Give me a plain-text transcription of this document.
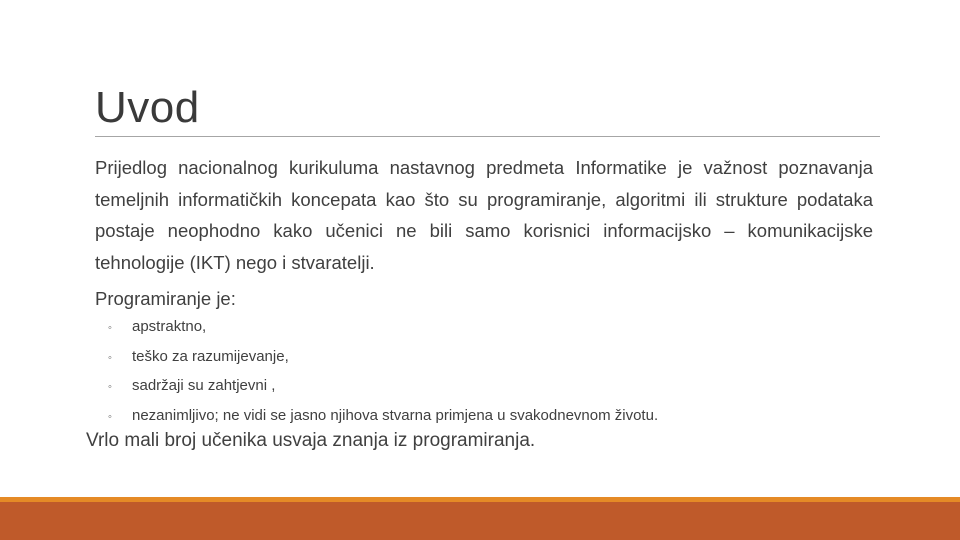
Uvod

Prijedlog nacionalnog kurikuluma nastavnog predmeta Informatike je važnost poznavanja temeljnih informatičkih koncepata kao što su programiranje, algoritmi ili strukture podataka postaje neophodno kako učenici ne bili samo korisnici informacijsko – komunikacijske tehnologije (IKT) nego i stvaratelji.

Programiranje je:

◦	apstraktno,
◦	teško za razumijevanje,
◦	sadržaji su zahtjevni ,
◦	nezanimljivo; ne vidi se jasno njihova stvarna primjena u svakodnevnom životu.

Vrlo mali broj učenika usvaja znanja iz programiranja.
